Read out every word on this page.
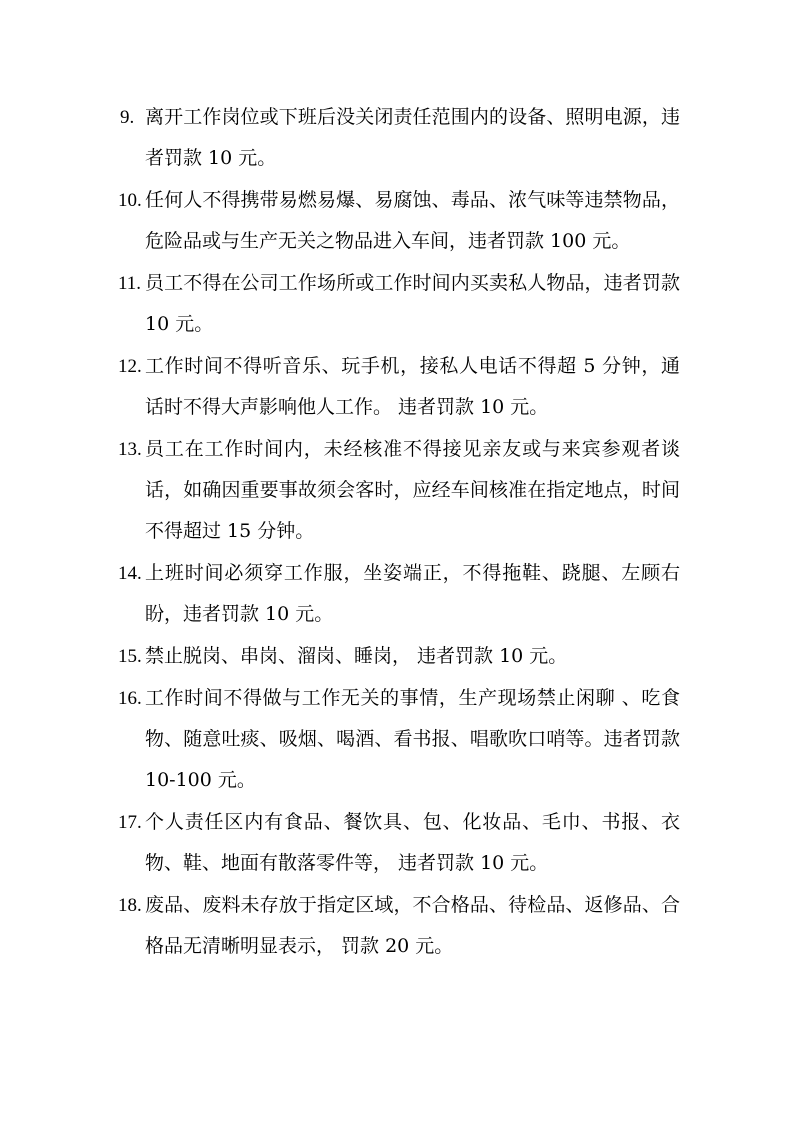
9. 离开工作岗位或下班后没关闭责任范围内的设备、照明电源，违者罚款 10 元。
10. 任何人不得携带易燃易爆、易腐蚀、毒品、浓气味等违禁物品，危险品或与生产无关之物品进入车间，违者罚款 100 元。
11. 员工不得在公司工作场所或工作时间内买卖私人物品，违者罚款 10 元。
12. 工作时间不得听音乐、玩手机，接私人电话不得超 5 分钟，通话时不得大声影响他人工作。 违者罚款 10 元。
13. 员工在工作时间内，未经核准不得接见亲友或与来宾参观者谈话，如确因重要事故须会客时，应经车间核准在指定地点，时间不得超过 15 分钟。
14. 上班时间必须穿工作服，坐姿端正，不得拖鞋、跷腿、左顾右盼，违者罚款 10 元。
15. 禁止脱岗、串岗、溜岗、睡岗， 违者罚款 10 元。
16. 工作时间不得做与工作无关的事情，生产现场禁止闲聊 、吃食物、随意吐痰、吸烟、喝酒、看书报、唱歌吹口哨等。违者罚款 10-100 元。
17. 个人责任区内有食品、餐饮具、包、化妆品、毛巾、书报、衣物、鞋、地面有散落零件等， 违者罚款 10 元。
18. 废品、废料未存放于指定区域，不合格品、待检品、返修品、合格品无清晰明显表示， 罚款 20 元。
